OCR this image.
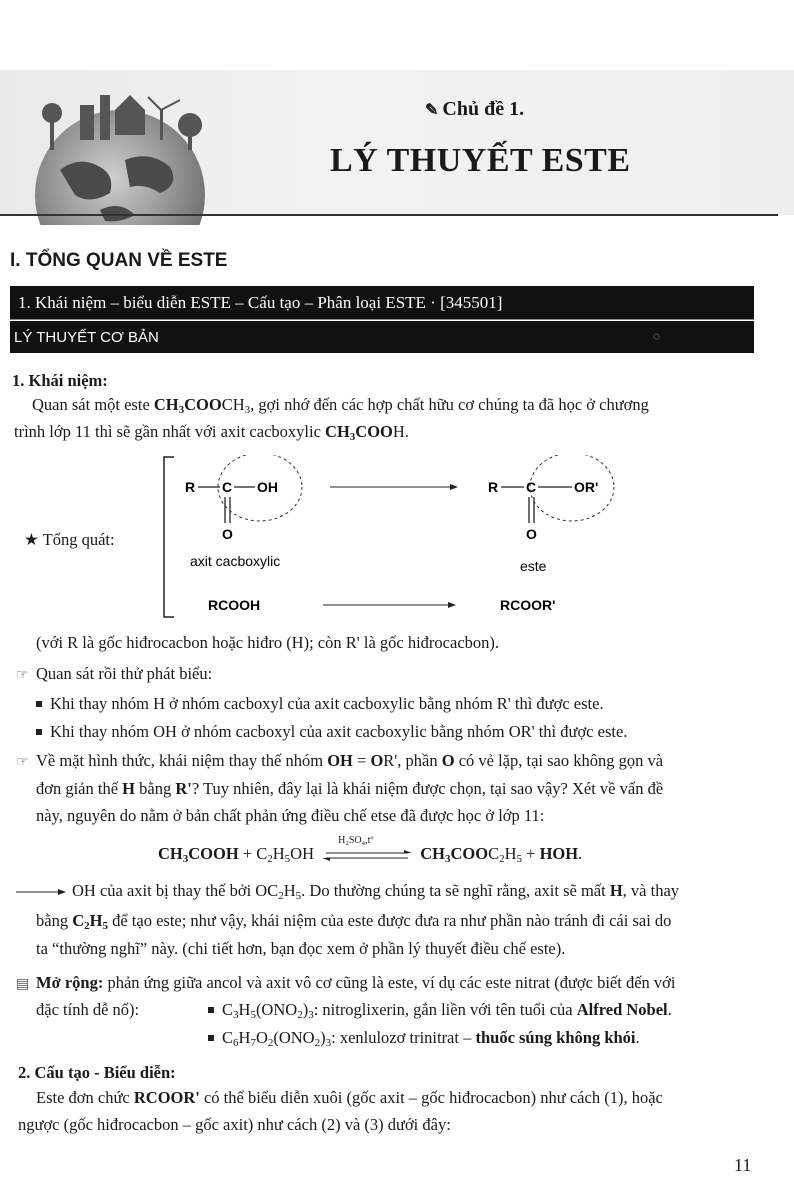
✎ Chủ đề 1.
LÝ THUYẾT ESTE
I. TỔNG QUAN VỀ ESTE
1. Khái niệm – biểu diễn ESTE – Cấu tạo – Phân loại ESTE · [345501]
LÝ THUYẾT CƠ BẢN	◌
1. Khái niệm:
Quan sát một este $CH_3COOCH_3$, gợi nhớ đến các hợp chất hữu cơ chúng ta đã học ở chương
trình lớp 11 thì sẽ gần nhất với axit cacboxylic $CH_3COOH$.
★ Tổng quát:
R C OH
O
axit cacboxylic
RCOOH
R C	OR'
O
este
RCOOR'
(với R là gốc hiđrocacbon hoặc hiđro (H); còn R' là gốc hiđrocacbon).
☞ Quan sát rồi thử phát biểu:
Khi thay nhóm H ở nhóm cacboxyl của axit cacboxylic bằng nhóm R' thì được este.
Khi thay nhóm OH ở nhóm cacboxyl của axit cacboxylic bằng nhóm OR' thì được este.
☞ Về mặt hình thức, khái niệm thay thế nhóm OH = OR', phần O có vẻ lặp, tại sao không gọn và
đơn giản thế H bằng R'? Tuy nhiên, đây lại là khái niệm được chọn, tại sao vậy? Xét về vấn đề
này, nguyên do nằm ở bản chất phản ứng điều chế etse đã được học ở lớp 11:
$CH_3COOH + C_2H_5OH$
H₂SO₄,tº
$CH_3COOC_2H_5$ + HOH.
OH của axit bị thay thế bởi $OC_2H_5$. Do thường chúng ta sẽ nghĩ rằng, axit sẽ mất H, và thay
bằng $C_2H_5$ để tạo este; như vậy, khái niệm của este được đưa ra như phần nào tránh đi cái sai do
ta “thường nghĩ” này. (chi tiết hơn, bạn đọc xem ở phần lý thuyết điều chế este).
▤ Mở rộng: phản ứng giữa ancol và axit vô cơ cũng là este, ví dụ các este nitrat (được biết đến với
đặc tính dễ nổ):	$C_3H_5(ONO_2)_3$: nitroglixerin, gắn liền với tên tuổi của Alfred Nobel.
$C_6H_7O_2(ONO_2)_3$: xenlulozơ trinitrat – thuốc súng không khói.
2. Cấu tạo - Biểu diễn:
Este đơn chức RCOOR' có thể biểu diễn xuôi (gốc axit – gốc hiđrocacbon) như cách (1), hoặc
ngược (gốc hiđrocacbon – gốc axit) như cách (2) và (3) dưới đây:
11
